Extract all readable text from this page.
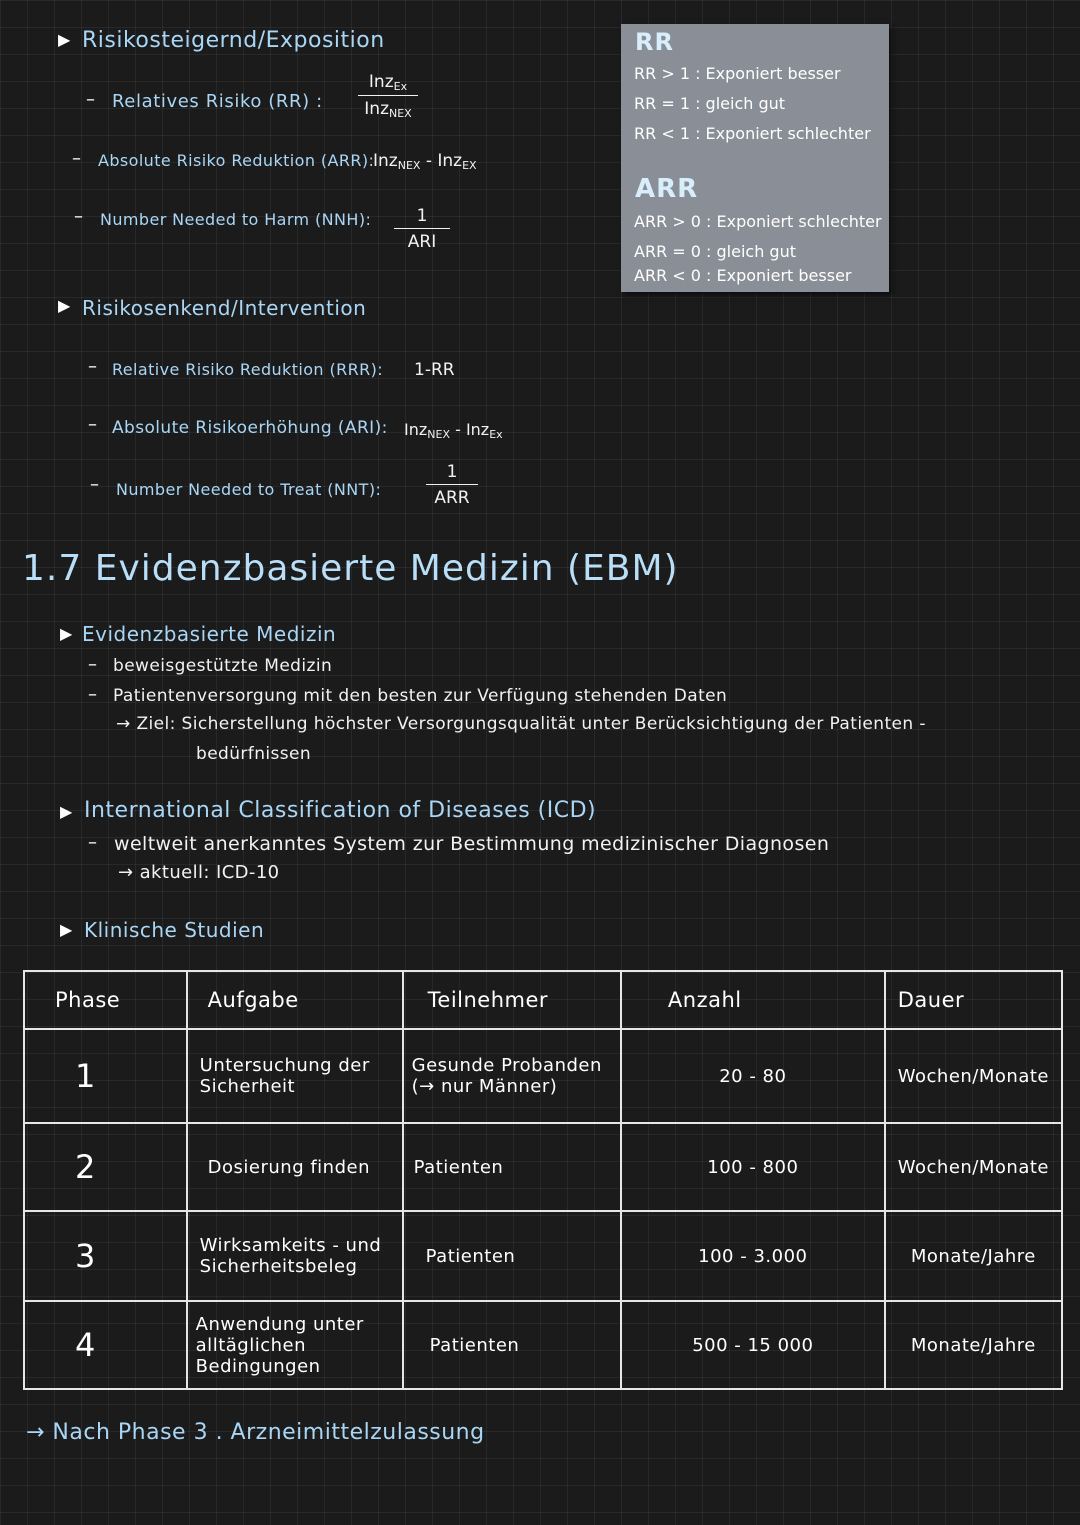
▶ Risikosteigernd/Exposition
– Relatives Risiko (RR) :
Inz$_{Ex}$
Inz$_{NEX}$
– Absolute Risiko Reduktion (ARR):
Inz$_{NEX}$ - Inz$_{EX}$
– Number Needed to Harm (NNH):	1
ARI
▶ Risikosenkend/Intervention
– Relative Risiko Reduktion (RRR): 1-RR
– Absolute Risikoerhöhung (ARI): Inz$_{NEX}$ - Inz$_{Ex}$
– Number Needed to Treat (NNT):
1
ARR
RR
RR > 1 : Exponiert besser
RR = 1 : gleich gut
RR < 1 : Exponiert schlechter
ARR
ARR > 0 : Exponiert schlechter
ARR = 0 : gleich gut
ARR < 0 : Exponiert besser
1.7 Evidenzbasierte Medizin (EBM)
▶ Evidenzbasierte Medizin
– beweisgestützte Medizin
– Patientenversorgung mit den besten zur Verfügung stehenden Daten
→ Ziel: Sicherstellung höchster Versorgungsqualität unter Berücksichtigung der Patienten -
bedürfnissen
▶ International Classification of Diseases (ICD)
– weltweit anerkanntes System zur Bestimmung medizinischer Diagnosen
→ aktuell: ICD-10
▶ Klinische Studien
Phase	Aufgabe	Teilnehmer	Anzahl	Dauer
1	Untersuchung der Sicherheit	Gesunde Probanden (→ nur Männer)	20 - 80	Wochen/Monate
2	Dosierung finden	Patienten	100 - 800	Wochen/Monate
3	Wirksamkeits - und Sicherheitsbeleg	Patienten	100 - 3.000	Monate/Jahre
4	Anwendung unter alltäglichen Bedingungen	Patienten	500 - 15 000	Monate/Jahre
→ Nach Phase 3 . Arzneimittelzulassung
